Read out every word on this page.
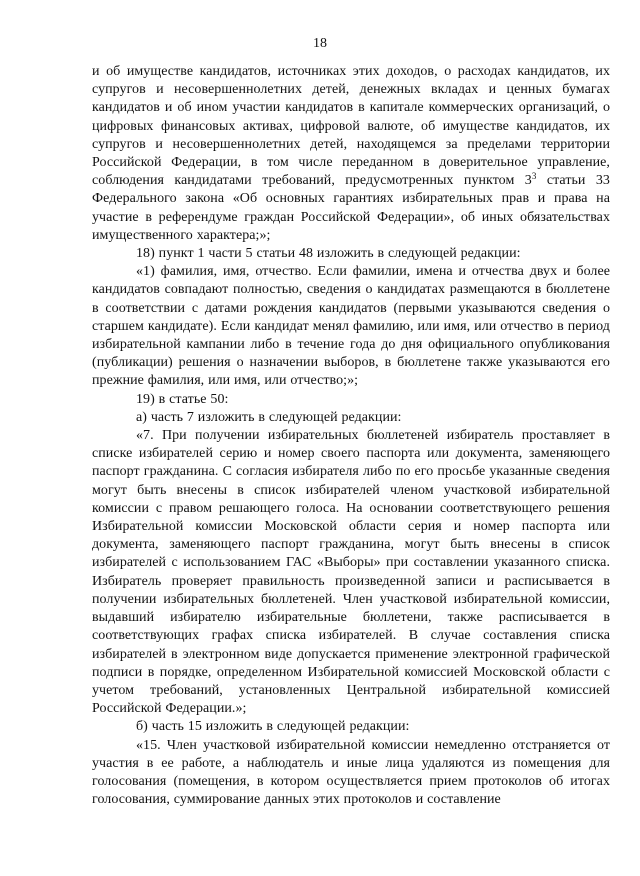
18

и об имуществе кандидатов, источниках этих доходов, о расходах кандидатов, их супругов и несовершеннолетних детей, денежных вкладах и ценных бумагах кандидатов и об ином участии кандидатов в капитале коммерческих организаций, о цифровых финансовых активах, цифровой валюте, об имуществе кандидатов, их супругов и несовершеннолетних детей, находящемся за пределами территории Российской Федерации, в том числе переданном в доверительное управление, соблюдения кандидатами требований, предусмотренных пунктом $3^3$ статьи 33 Федерального закона «Об основных гарантиях избирательных прав и права на участие в референдуме граждан Российской Федерации», об иных обязательствах имущественного характера;»;

18) пункт 1 части 5 статьи 48 изложить в следующей редакции:

«1) фамилия, имя, отчество. Если фамилии, имена и отчества двух и более кандидатов совпадают полностью, сведения о кандидатах размещаются в бюллетене в соответствии с датами рождения кандидатов (первыми указываются сведения о старшем кандидате). Если кандидат менял фамилию, или имя, или отчество в период избирательной кампании либо в течение года до дня официального опубликования (публикации) решения о назначении выборов, в бюллетене также указываются его прежние фамилия, или имя, или отчество;»;

19) в статье 50:

а) часть 7 изложить в следующей редакции:

«7. При получении избирательных бюллетеней избиратель проставляет в списке избирателей серию и номер своего паспорта или документа, заменяющего паспорт гражданина. С согласия избирателя либо по его просьбе указанные сведения могут быть внесены в список избирателей членом участковой избирательной комиссии с правом решающего голоса. На основании соответствующего решения Избирательной комиссии Московской области серия и номер паспорта или документа, заменяющего паспорт гражданина, могут быть внесены в список избирателей с использованием ГАС «Выборы» при составлении указанного списка. Избиратель проверяет правильность произведенной записи и расписывается в получении избирательных бюллетеней. Член участковой избирательной комиссии, выдавший избирателю избирательные бюллетени, также расписывается в соответствующих графах списка избирателей. В случае составления списка избирателей в электронном виде допускается применение электронной графической подписи в порядке, определенном Избирательной комиссией Московской области с учетом требований, установленных Центральной избирательной комиссией Российской Федерации.»;

б) часть 15 изложить в следующей редакции:

«15. Член участковой избирательной комиссии немедленно отстраняется от участия в ее работе, а наблюдатель и иные лица удаляются из помещения для голосования (помещения, в котором осуществляется прием протоколов об итогах голосования, суммирование данных этих протоколов и составление
